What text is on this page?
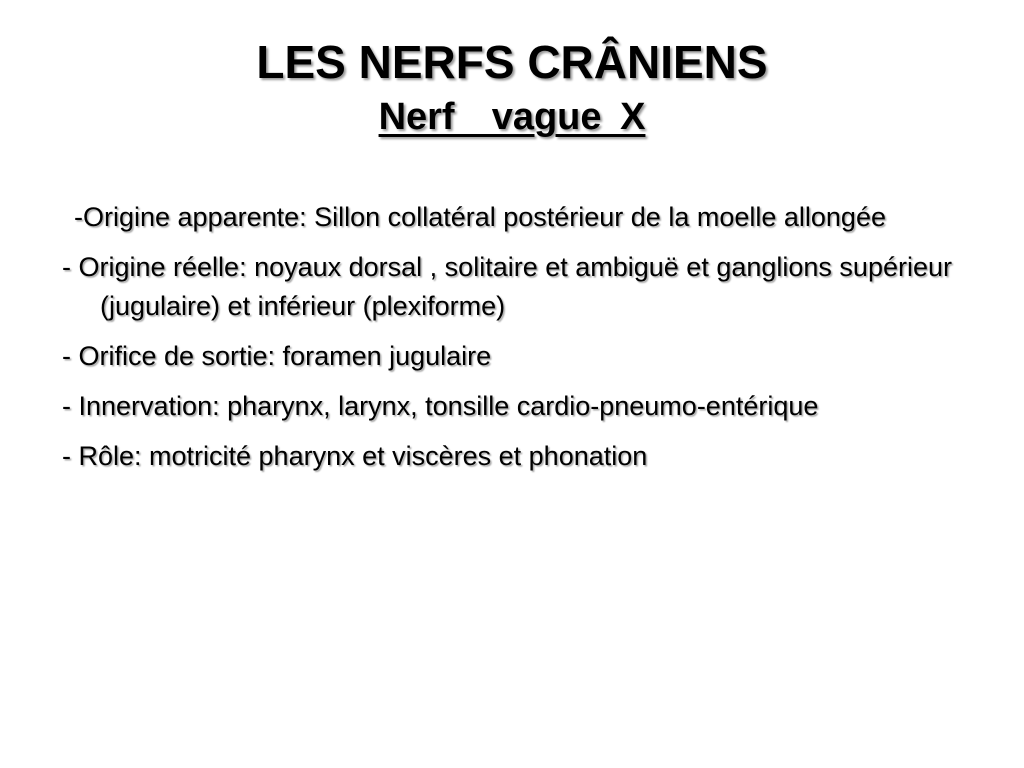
LES NERFS CRÂNIENS
Nerf  vague X
-Origine apparente: Sillon collatéral postérieur de la moelle allongée
- Origine réelle: noyaux dorsal , solitaire et ambiguë et ganglions supérieur (jugulaire) et inférieur (plexiforme)
- Orifice de sortie: foramen jugulaire
- Innervation: pharynx, larynx, tonsille cardio-pneumo-entérique
- Rôle: motricité pharynx et viscères et phonation
